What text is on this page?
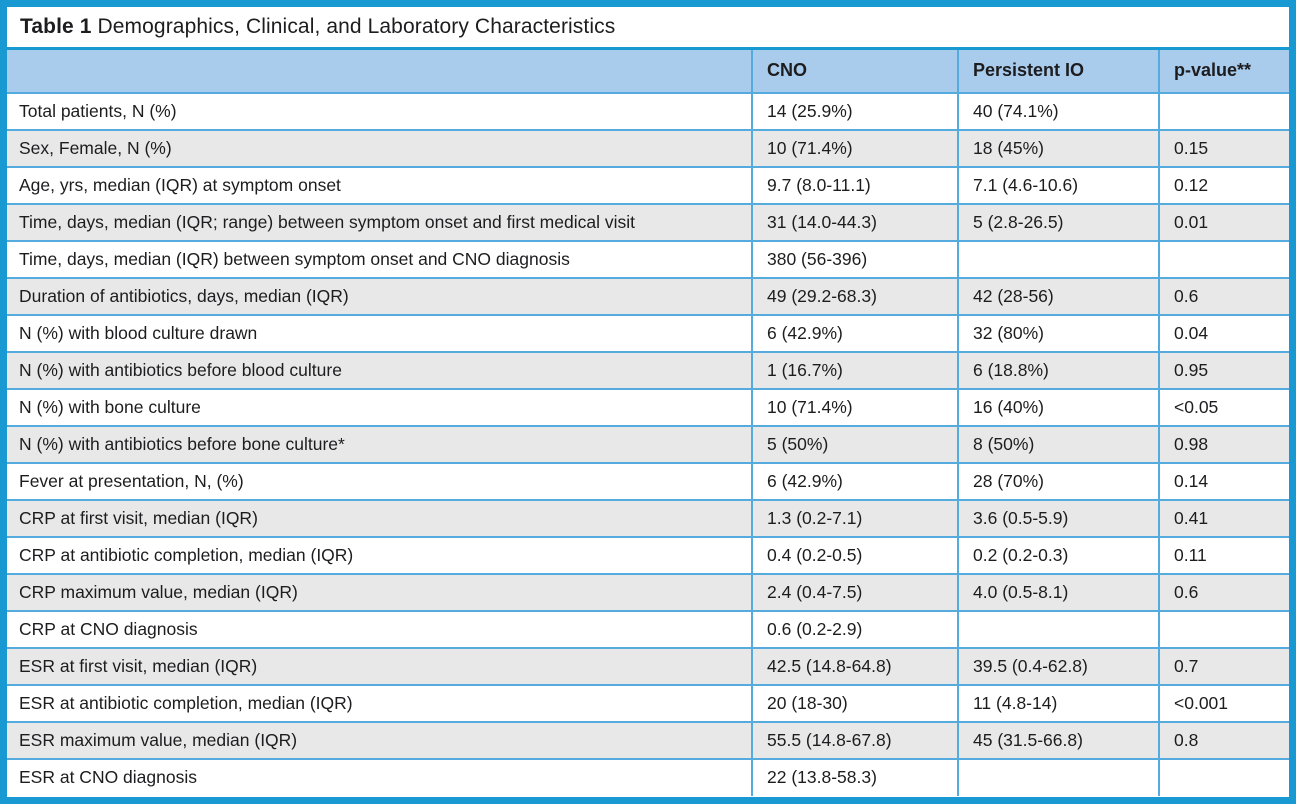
Table 1 Demographics, Clinical, and Laboratory Characteristics
	CNO	Persistent IO	p-value**
Total patients, N (%)	14 (25.9%)	40 (74.1%)	
Sex, Female, N (%)	10 (71.4%)	18 (45%)	0.15
Age, yrs, median (IQR) at symptom onset	9.7 (8.0-11.1)	7.1 (4.6-10.6)	0.12
Time, days, median (IQR; range) between symptom onset and first medical visit	31 (14.0-44.3)	5 (2.8-26.5)	0.01
Time, days, median (IQR) between symptom onset and CNO diagnosis	380 (56-396)		
Duration of antibiotics, days, median (IQR)	49 (29.2-68.3)	42 (28-56)	0.6
N (%) with blood culture drawn	6 (42.9%)	32 (80%)	0.04
N (%) with antibiotics before blood culture	1 (16.7%)	6 (18.8%)	0.95
N (%) with bone culture	10 (71.4%)	16 (40%)	<0.05
N (%) with antibiotics before bone culture*	5 (50%)	8 (50%)	0.98
Fever at presentation, N, (%)	6 (42.9%)	28 (70%)	0.14
CRP at first visit, median (IQR)	1.3 (0.2-7.1)	3.6 (0.5-5.9)	0.41
CRP at antibiotic completion, median (IQR)	0.4 (0.2-0.5)	0.2 (0.2-0.3)	0.11
CRP maximum value, median (IQR)	2.4 (0.4-7.5)	4.0 (0.5-8.1)	0.6
CRP at CNO diagnosis	0.6 (0.2-2.9)		
ESR at first visit, median (IQR)	42.5 (14.8-64.8)	39.5 (0.4-62.8)	0.7
ESR at antibiotic completion, median (IQR)	20 (18-30)	11 (4.8-14)	<0.001
ESR maximum value, median (IQR)	55.5 (14.8-67.8)	45 (31.5-66.8)	0.8
ESR at CNO diagnosis	22 (13.8-58.3)		
